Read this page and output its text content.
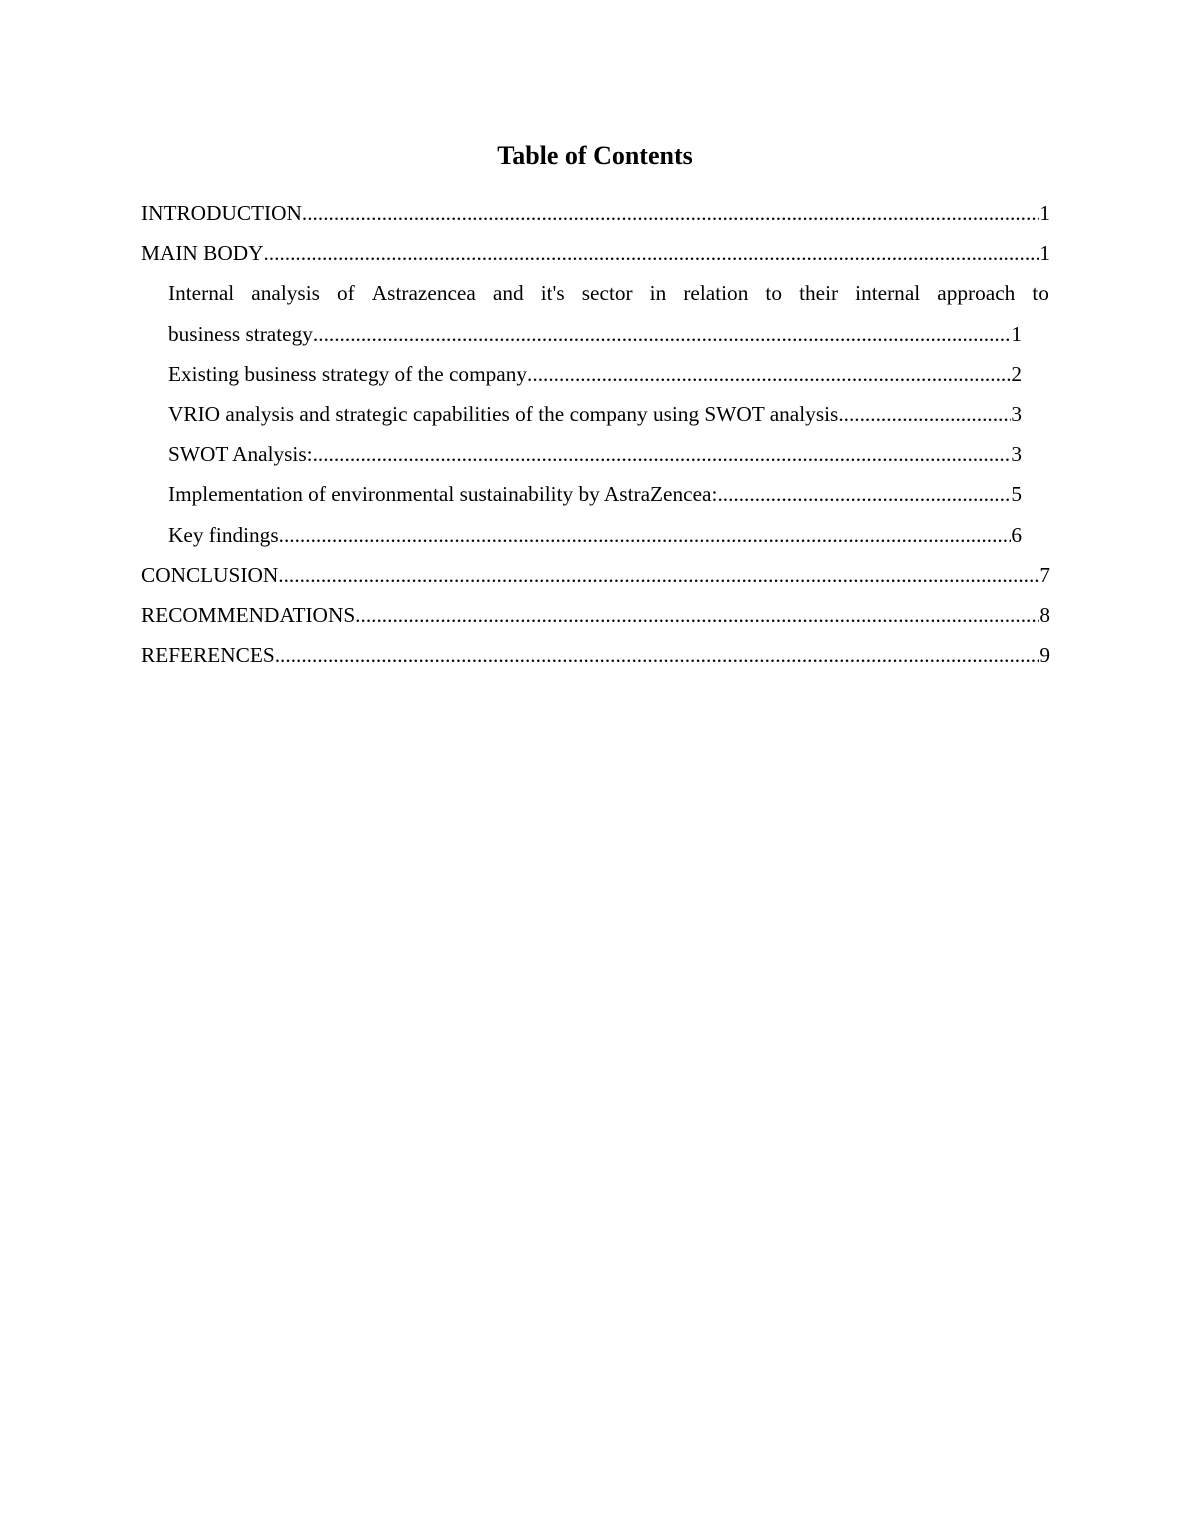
Table of Contents
INTRODUCTION .....	1
MAIN BODY .....	1
Internal analysis of Astrazencea and it's sector in relation to their internal approach to
business strategy .....	1
Existing business strategy of the company .....	2
VRIO analysis and strategic capabilities of the company using SWOT analysis .....	3
SWOT Analysis: .....	3
Implementation of environmental sustainability by AstraZencea: .....	5
Key findings .....	6
CONCLUSION .....	7
RECOMMENDATIONS .....	8
REFERENCES .....	9
